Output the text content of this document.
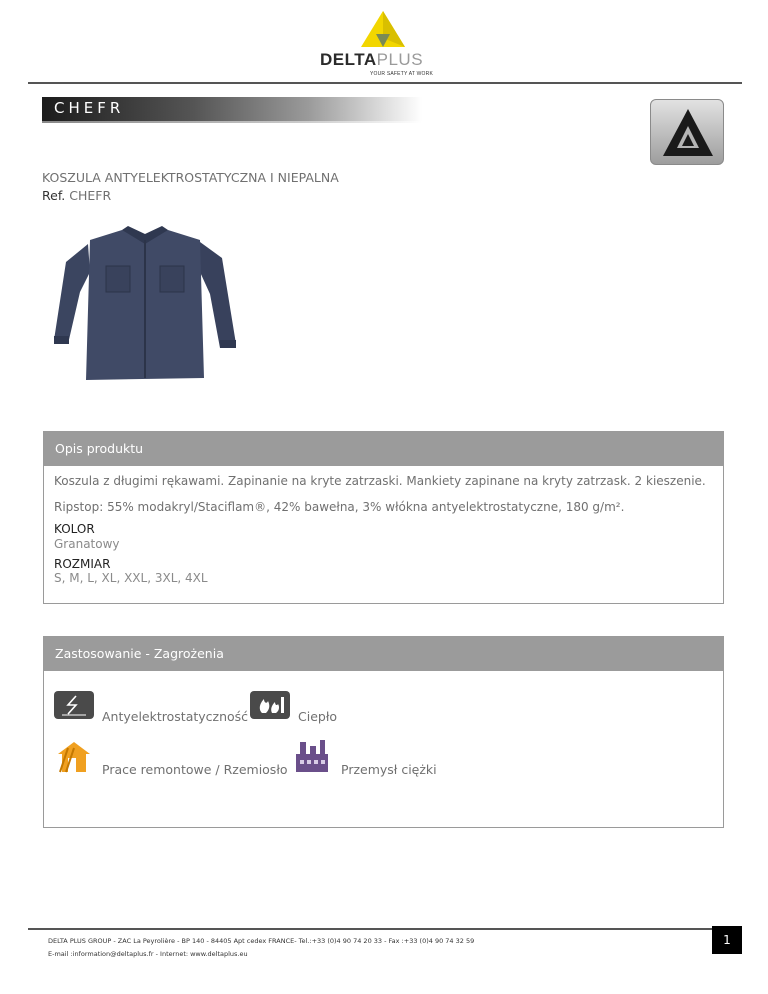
DELTAPLUS
YOUR SAFETY AT WORK
CHEFR
KOSZULA ANTYELEKTROSTATYCZNA I NIEPALNA
Ref. CHEFR
Opis produktu
Koszula z długimi rękawami. Zapinanie na kryte zatrzaski. Mankiety zapinane na kryty zatrzask. 2 kieszenie.
Ripstop: 55% modakryl/Staciflam®, 42% bawełna, 3% włókna antyelektrostatyczne, 180 g/m².
KOLOR
Granatowy
ROZMIAR
S, M, L, XL, XXL, 3XL, 4XL
Zastosowanie - Zagrożenia
Antyelektrostatyczność	Ciepło
Prace remontowe / Rzemiosło	Przemysł ciężki
DELTA PLUS GROUP - ZAC La Peyrolière - BP 140 - 84405 Apt cedex FRANCE- Tel.:+33 (0)4 90 74 20 33 - Fax :+33 (0)4 90 74 32 59
E-mail :information@deltaplus.fr - Internet: www.deltaplus.eu
1
